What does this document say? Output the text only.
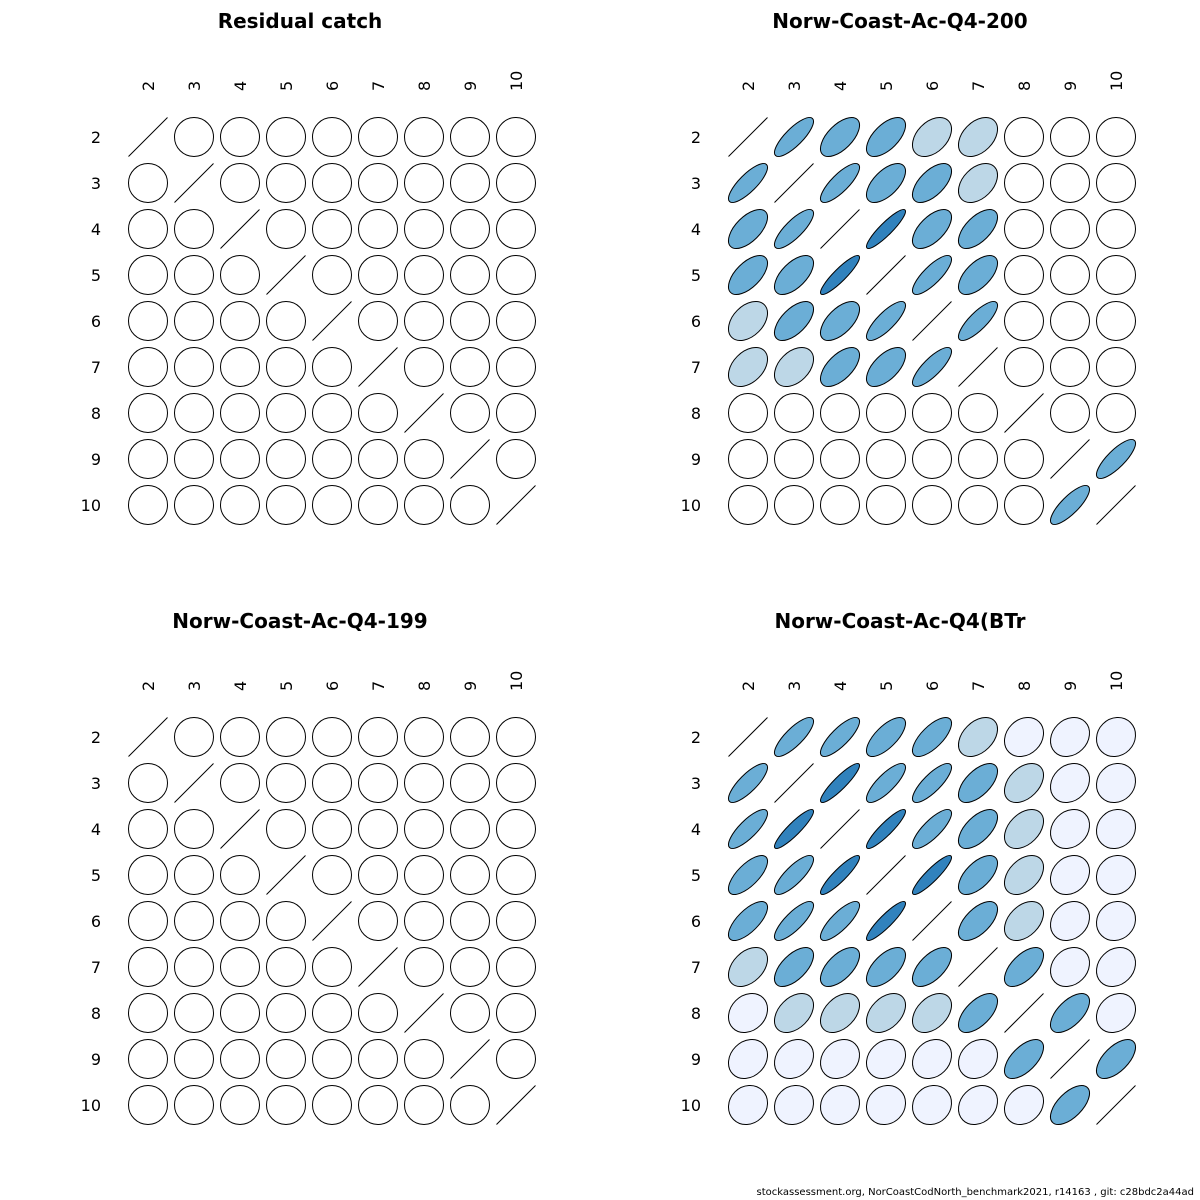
Residual catch
2
2
3
3
4
4
5
5
6
6
7
7
8
8
9
9
10
10
Norw-Coast-Ac-Q4-200
2
2
3
3
4
4
5
5
6
6
7
7
8
8
9
9
10
10
Norw-Coast-Ac-Q4-199
2
2
3
3
4
4
5
5
6
6
7
7
8
8
9
9
10
10
Norw-Coast-Ac-Q4(BTr
2
2
3
3
4
4
5
5
6
6
7
7
8
8
9
9
10
10
stockassessment.org, NorCoastCodNorth_benchmark2021, r14163 , git: c28bdc2a44ad
